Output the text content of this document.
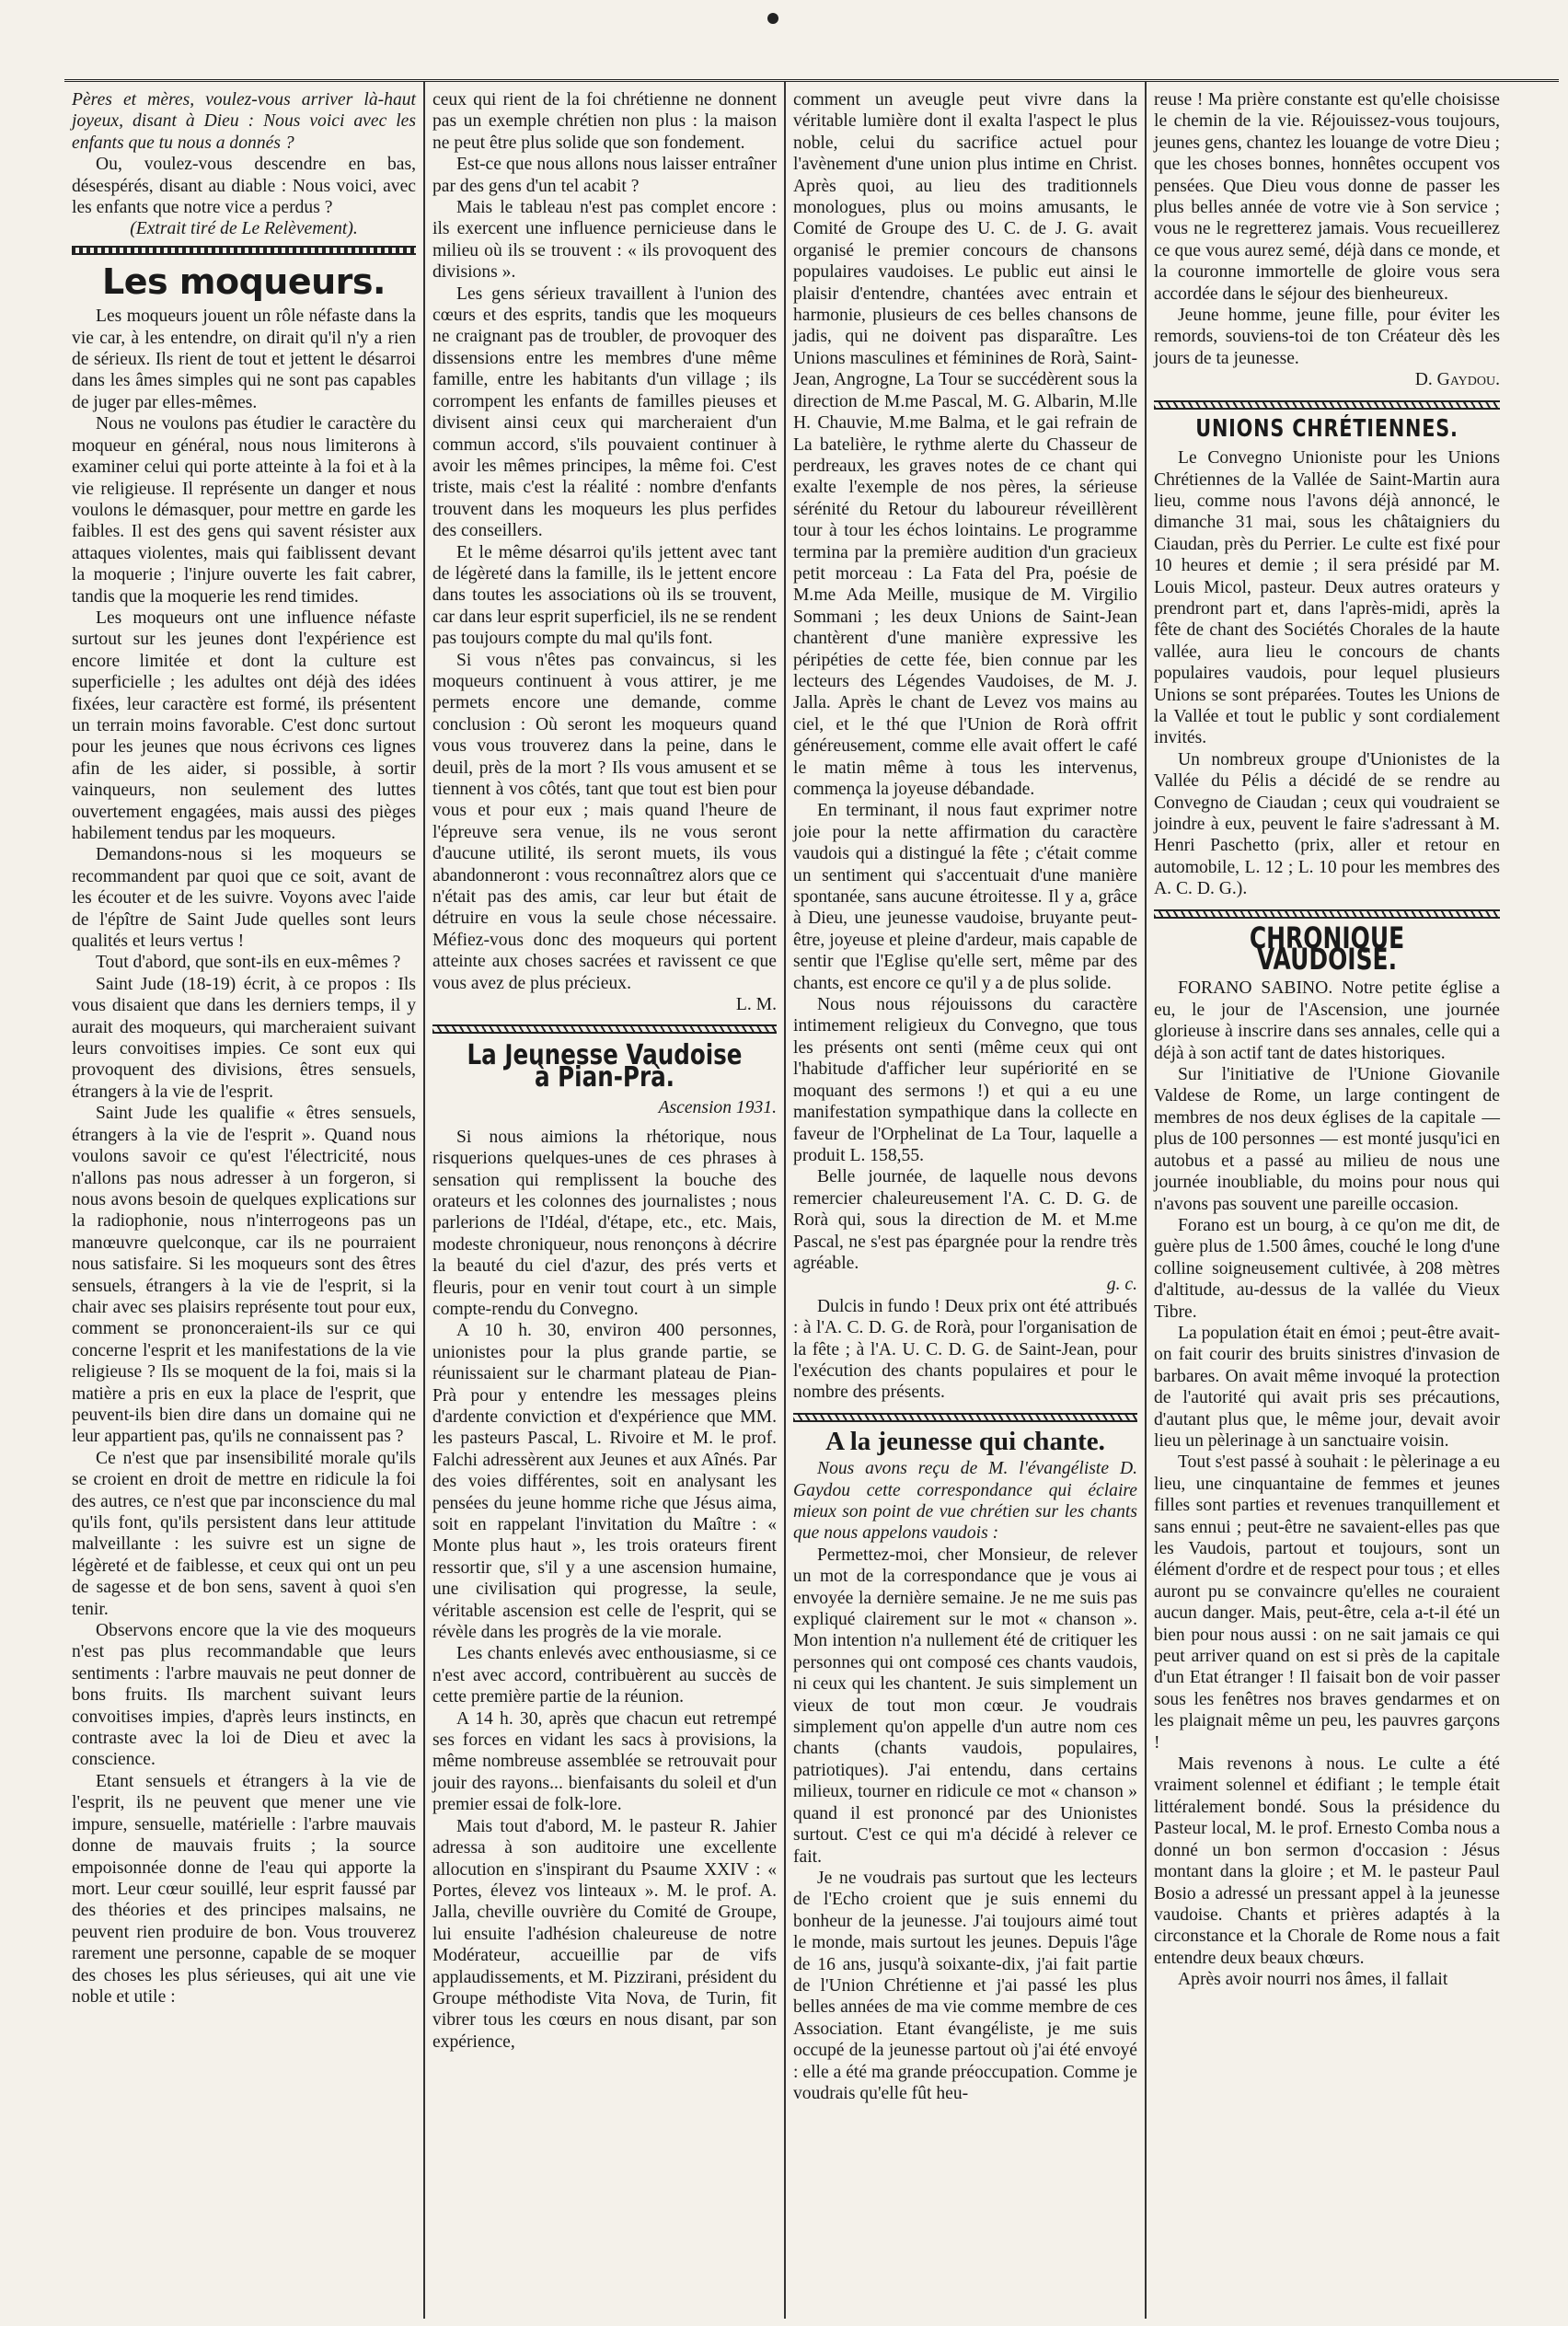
Pères et mères, voulez-vous arriver là-haut joyeux, disant à Dieu : Nous voici avec les enfants que tu nous a donnés ?

Ou, voulez-vous descendre en bas, désespérés, disant au diable : Nous voici, avec les enfants que notre vice a perdus ?

(Extrait tiré de Le Relèvement).

Les moqueurs.

Les moqueurs jouent un rôle néfaste dans la vie car, à les entendre, on dirait qu'il n'y a rien de sérieux. Ils rient de tout et jettent le désarroi dans les âmes simples qui ne sont pas capables de juger par elles-mêmes.

Nous ne voulons pas étudier le caractère du moqueur en général, nous nous limiterons à examiner celui qui porte atteinte à la foi et à la vie religieuse. Il représente un danger et nous voulons le démasquer, pour mettre en garde les faibles. Il est des gens qui savent résister aux attaques violentes, mais qui faiblissent devant la moquerie ; l'injure ouverte les fait cabrer, tandis que la moquerie les rend timides.

Les moqueurs ont une influence néfaste surtout sur les jeunes dont l'expérience est encore limitée et dont la culture est superficielle ; les adultes ont déjà des idées fixées, leur caractère est formé, ils présentent un terrain moins favorable. C'est donc surtout pour les jeunes que nous écrivons ces lignes afin de les aider, si possible, à sortir vainqueurs, non seulement des luttes ouvertement engagées, mais aussi des pièges habilement tendus par les moqueurs.

Demandons-nous si les moqueurs se recommandent par quoi que ce soit, avant de les écouter et de les suivre. Voyons avec l'aide de l'épître de Saint Jude quelles sont leurs qualités et leurs vertus !

Tout d'abord, que sont-ils en eux-mêmes ?

Saint Jude (18-19) écrit, à ce propos : Ils vous disaient que dans les derniers temps, il y aurait des moqueurs, qui marcheraient suivant leurs convoitises impies. Ce sont eux qui provoquent des divisions, êtres sensuels, étrangers à la vie de l'esprit.

Saint Jude les qualifie « êtres sensuels, étrangers à la vie de l'esprit ». Quand nous voulons savoir ce qu'est l'électricité, nous n'allons pas nous adresser à un forgeron, si nous avons besoin de quelques explications sur la radiophonie, nous n'interrogeons pas un manœuvre quelconque, car ils ne pourraient nous satisfaire. Si les moqueurs sont des êtres sensuels, étrangers à la vie de l'esprit, si la chair avec ses plaisirs représente tout pour eux, comment se prononceraient-ils sur ce qui concerne l'esprit et les manifestations de la vie religieuse ? Ils se moquent de la foi, mais si la matière a pris en eux la place de l'esprit, que peuvent-ils bien dire dans un domaine qui ne leur appartient pas, qu'ils ne connaissent pas ?

Ce n'est que par insensibilité morale qu'ils se croient en droit de mettre en ridicule la foi des autres, ce n'est que par inconscience du mal qu'ils font, qu'ils persistent dans leur attitude malveillante : les suivre est un signe de légèreté et de faiblesse, et ceux qui ont un peu de sagesse et de bon sens, savent à quoi s'en tenir.

Observons encore que la vie des moqueurs n'est pas plus recommandable que leurs sentiments : l'arbre mauvais ne peut donner de bons fruits. Ils marchent suivant leurs convoitises impies, d'après leurs instincts, en contraste avec la loi de Dieu et avec la conscience.

Etant sensuels et étrangers à la vie de l'esprit, ils ne peuvent que mener une vie impure, sensuelle, matérielle : l'arbre mauvais donne de mauvais fruits ; la source empoisonnée donne de l'eau qui apporte la mort. Leur cœur souillé, leur esprit faussé par des théories et des principes malsains, ne peuvent rien produire de bon. Vous trouverez rarement une personne, capable de se moquer des choses les plus sérieuses, qui ait une vie noble et utile :

ceux qui rient de la foi chrétienne ne donnent pas un exemple chrétien non plus : la maison ne peut être plus solide que son fondement.

Est-ce que nous allons nous laisser entraîner par des gens d'un tel acabit ?

Mais le tableau n'est pas complet encore : ils exercent une influence pernicieuse dans le milieu où ils se trouvent : « ils provoquent des divisions ».

Les gens sérieux travaillent à l'union des cœurs et des esprits, tandis que les moqueurs ne craignant pas de troubler, de provoquer des dissensions entre les membres d'une même famille, entre les habitants d'un village ; ils corrompent les enfants de familles pieuses et divisent ainsi ceux qui marcheraient d'un commun accord, s'ils pouvaient continuer à avoir les mêmes principes, la même foi. C'est triste, mais c'est la réalité : nombre d'enfants trouvent dans les moqueurs les plus perfides des conseillers.

Et le même désarroi qu'ils jettent avec tant de légèreté dans la famille, ils le jettent encore dans toutes les associations où ils se trouvent, car dans leur esprit superficiel, ils ne se rendent pas toujours compte du mal qu'ils font.

Si vous n'êtes pas convaincus, si les moqueurs continuent à vous attirer, je me permets encore une demande, comme conclusion : Où seront les moqueurs quand vous vous trouverez dans la peine, dans le deuil, près de la mort ? Ils vous amusent et se tiennent à vos côtés, tant que tout est bien pour vous et pour eux ; mais quand l'heure de l'épreuve sera venue, ils ne vous seront d'aucune utilité, ils seront muets, ils vous abandonneront : vous reconnaîtrez alors que ce n'était pas des amis, car leur but était de détruire en vous la seule chose nécessaire. Méfiez-vous donc des moqueurs qui portent atteinte aux choses sacrées et ravissent ce que vous avez de plus précieux.

L. M.

La Jeunesse Vaudoise à Pian-Prà.

Ascension 1931.

Si nous aimions la rhétorique, nous risquerions quelques-unes de ces phrases à sensation qui remplissent la bouche des orateurs et les colonnes des journalistes ; nous parlerions de l'Idéal, d'étape, etc., etc. Mais, modeste chroniqueur, nous renonçons à décrire la beauté du ciel d'azur, des prés verts et fleuris, pour en venir tout court à un simple compte-rendu du Convegno.

A 10 h. 30, environ 400 personnes, unionistes pour la plus grande partie, se réunissaient sur le charmant plateau de Pian-Prà pour y entendre les messages pleins d'ardente conviction et d'expérience que MM. les pasteurs Pascal, L. Rivoire et M. le prof. Falchi adressèrent aux Jeunes et aux Aînés. Par des voies différentes, soit en analysant les pensées du jeune homme riche que Jésus aima, soit en rappelant l'invitation du Maître : « Monte plus haut », les trois orateurs firent ressortir que, s'il y a une ascension humaine, une civilisation qui progresse, la seule, véritable ascension est celle de l'esprit, qui se révèle dans les progrès de la vie morale.

Les chants enlevés avec enthousiasme, si ce n'est avec accord, contribuèrent au succès de cette première partie de la réunion.

A 14 h. 30, après que chacun eut retrempé ses forces en vidant les sacs à provisions, la même nombreuse assemblée se retrouvait pour jouir des rayons... bienfaisants du soleil et d'un premier essai de folk-lore.

Mais tout d'abord, M. le pasteur R. Jahier adressa à son auditoire une excellente allocution en s'inspirant du Psaume XXIV : « Portes, élevez vos linteaux ». M. le prof. A. Jalla, cheville ouvrière du Comité de Groupe, lui ensuite l'adhésion chaleureuse de notre Modérateur, accueillie par de vifs applaudissements, et M. Pizzirani, président du Groupe méthodiste Vita Nova, de Turin, fit vibrer tous les cœurs en nous disant, par son expérience,

comment un aveugle peut vivre dans la véritable lumière dont il exalta l'aspect le plus noble, celui du sacrifice actuel pour l'avènement d'une union plus intime en Christ. Après quoi, au lieu des traditionnels monologues, plus ou moins amusants, le Comité de Groupe des U. C. de J. G. avait organisé le premier concours de chansons populaires vaudoises. Le public eut ainsi le plaisir d'entendre, chantées avec entrain et harmonie, plusieurs de ces belles chansons de jadis, qui ne doivent pas disparaître. Les Unions masculines et féminines de Rorà, Saint-Jean, Angrogne, La Tour se succédèrent sous la direction de M.me Pascal, M. G. Albarin, M.lle H. Chauvie, M.me Balma, et le gai refrain de La batelière, le rythme alerte du Chasseur de perdreaux, les graves notes de ce chant qui exalte l'exemple de nos pères, la sérieuse sérénité du Retour du laboureur réveillèrent tour à tour les échos lointains. Le programme termina par la première audition d'un gracieux petit morceau : La Fata del Pra, poésie de M.me Ada Meille, musique de M. Virgilio Sommani ; les deux Unions de Saint-Jean chantèrent d'une manière expressive les péripéties de cette fée, bien connue par les lecteurs des Légendes Vaudoises, de M. J. Jalla. Après le chant de Levez vos mains au ciel, et le thé que l'Union de Rorà offrit généreusement, comme elle avait offert le café le matin même à tous les intervenus, commença la joyeuse débandade.

En terminant, il nous faut exprimer notre joie pour la nette affirmation du caractère vaudois qui a distingué la fête ; c'était comme un sentiment qui s'accentuait d'une manière spontanée, sans aucune étroitesse. Il y a, grâce à Dieu, une jeunesse vaudoise, bruyante peut-être, joyeuse et pleine d'ardeur, mais capable de sentir que l'Eglise qu'elle sert, même par des chants, est encore ce qu'il y a de plus solide.

Nous nous réjouissons du caractère intimement religieux du Convegno, que tous les présents ont senti (même ceux qui ont l'habitude d'afficher leur supériorité en se moquant des sermons !) et qui a eu une manifestation sympathique dans la collecte en faveur de l'Orphelinat de La Tour, laquelle a produit L. 158,55.

Belle journée, de laquelle nous devons remercier chaleureusement l'A. C. D. G. de Rorà qui, sous la direction de M. et M.me Pascal, ne s'est pas épargnée pour la rendre très agréable.

g. c.

Dulcis in fundo ! Deux prix ont été attribués : à l'A. C. D. G. de Rorà, pour l'organisation de la fête ; à l'A. U. C. D. G. de Saint-Jean, pour l'exécution des chants populaires et pour le nombre des présents.

A la jeunesse qui chante.

Nous avons reçu de M. l'évangéliste D. Gaydou cette correspondance qui éclaire mieux son point de vue chrétien sur les chants que nous appelons vaudois :

Permettez-moi, cher Monsieur, de relever un mot de la correspondance que je vous ai envoyée la dernière semaine. Je ne me suis pas expliqué clairement sur le mot « chanson ». Mon intention n'a nullement été de critiquer les personnes qui ont composé ces chants vaudois, ni ceux qui les chantent. Je suis simplement un vieux de tout mon cœur. Je voudrais simplement qu'on appelle d'un autre nom ces chants (chants vaudois, populaires, patriotiques). J'ai entendu, dans certains milieux, tourner en ridicule ce mot « chanson » quand il est prononcé par des Unionistes surtout. C'est ce qui m'a décidé à relever ce fait.

Je ne voudrais pas surtout que les lecteurs de l'Echo croient que je suis ennemi du bonheur de la jeunesse. J'ai toujours aimé tout le monde, mais surtout les jeunes. Depuis l'âge de 16 ans, jusqu'à soixante-dix, j'ai fait partie de l'Union Chrétienne et j'ai passé les plus belles années de ma vie comme membre de ces Association. Etant évangéliste, je me suis occupé de la jeunesse partout où j'ai été envoyé : elle a été ma grande préoccupation. Comme je voudrais qu'elle fût heu-

reuse ! Ma prière constante est qu'elle choisisse le chemin de la vie. Réjouissez-vous toujours, jeunes gens, chantez les louange de votre Dieu ; que les choses bonnes, honnêtes occupent vos pensées. Que Dieu vous donne de passer les plus belles année de votre vie à Son service ; vous ne le regretterez jamais. Vous recueillerez ce que vous aurez semé, déjà dans ce monde, et la couronne immortelle de gloire vous sera accordée dans le séjour des bienheureux.

Jeune homme, jeune fille, pour éviter les remords, souviens-toi de ton Créateur dès les jours de ta jeunesse.

D. Gaydou.

UNIONS CHRÉTIENNES.

Le Convegno Unioniste pour les Unions Chrétiennes de la Vallée de Saint-Martin aura lieu, comme nous l'avons déjà annoncé, le dimanche 31 mai, sous les châtaigniers du Ciaudan, près du Perrier. Le culte est fixé pour 10 heures et demie ; il sera présidé par M. Louis Micol, pasteur. Deux autres orateurs y prendront part et, dans l'après-midi, après la fête de chant des Sociétés Chorales de la haute vallée, aura lieu le concours de chants populaires vaudois, pour lequel plusieurs Unions se sont préparées. Toutes les Unions de la Vallée et tout le public y sont cordialement invités.

Un nombreux groupe d'Unionistes de la Vallée du Pélis a décidé de se rendre au Convegno de Ciaudan ; ceux qui voudraient se joindre à eux, peuvent le faire s'adressant à M. Henri Paschetto (prix, aller et retour en automobile, L. 12 ; L. 10 pour les membres des A. C. D. G.).

CHRONIQUE VAUDOISE.

FORANO SABINO. Notre petite église a eu, le jour de l'Ascension, une journée glorieuse à inscrire dans ses annales, celle qui a déjà à son actif tant de dates historiques.

Sur l'initiative de l'Unione Giovanile Valdese de Rome, un large contingent de membres de nos deux églises de la capitale — plus de 100 personnes — est monté jusqu'ici en autobus et a passé au milieu de nous une journée inoubliable, du moins pour nous qui n'avons pas souvent une pareille occasion.

Forano est un bourg, à ce qu'on me dit, de guère plus de 1.500 âmes, couché le long d'une colline soigneusement cultivée, à 208 mètres d'altitude, au-dessus de la vallée du Vieux Tibre.

La population était en émoi ; peut-être avait-on fait courir des bruits sinistres d'invasion de barbares. On avait même invoqué la protection de l'autorité qui avait pris ses précautions, d'autant plus que, le même jour, devait avoir lieu un pèlerinage à un sanctuaire voisin.

Tout s'est passé à souhait : le pèlerinage a eu lieu, une cinquantaine de femmes et jeunes filles sont parties et revenues tranquillement et sans ennui ; peut-être ne savaient-elles pas que les Vaudois, partout et toujours, sont un élément d'ordre et de respect pour tous ; et elles auront pu se convaincre qu'elles ne couraient aucun danger. Mais, peut-être, cela a-t-il été un bien pour nous aussi : on ne sait jamais ce qui peut arriver quand on est si près de la capitale d'un Etat étranger ! Il faisait bon de voir passer sous les fenêtres nos braves gendarmes et on les plaignait même un peu, les pauvres garçons !

Mais revenons à nous. Le culte a été vraiment solennel et édifiant ; le temple était littéralement bondé. Sous la présidence du Pasteur local, M. le prof. Ernesto Comba nous a donné un bon sermon d'occasion : Jésus montant dans la gloire ; et M. le pasteur Paul Bosio a adressé un pressant appel à la jeunesse vaudoise. Chants et prières adaptés à la circonstance et la Chorale de Rome nous a fait entendre deux beaux chœurs.

Après avoir nourri nos âmes, il fallait
